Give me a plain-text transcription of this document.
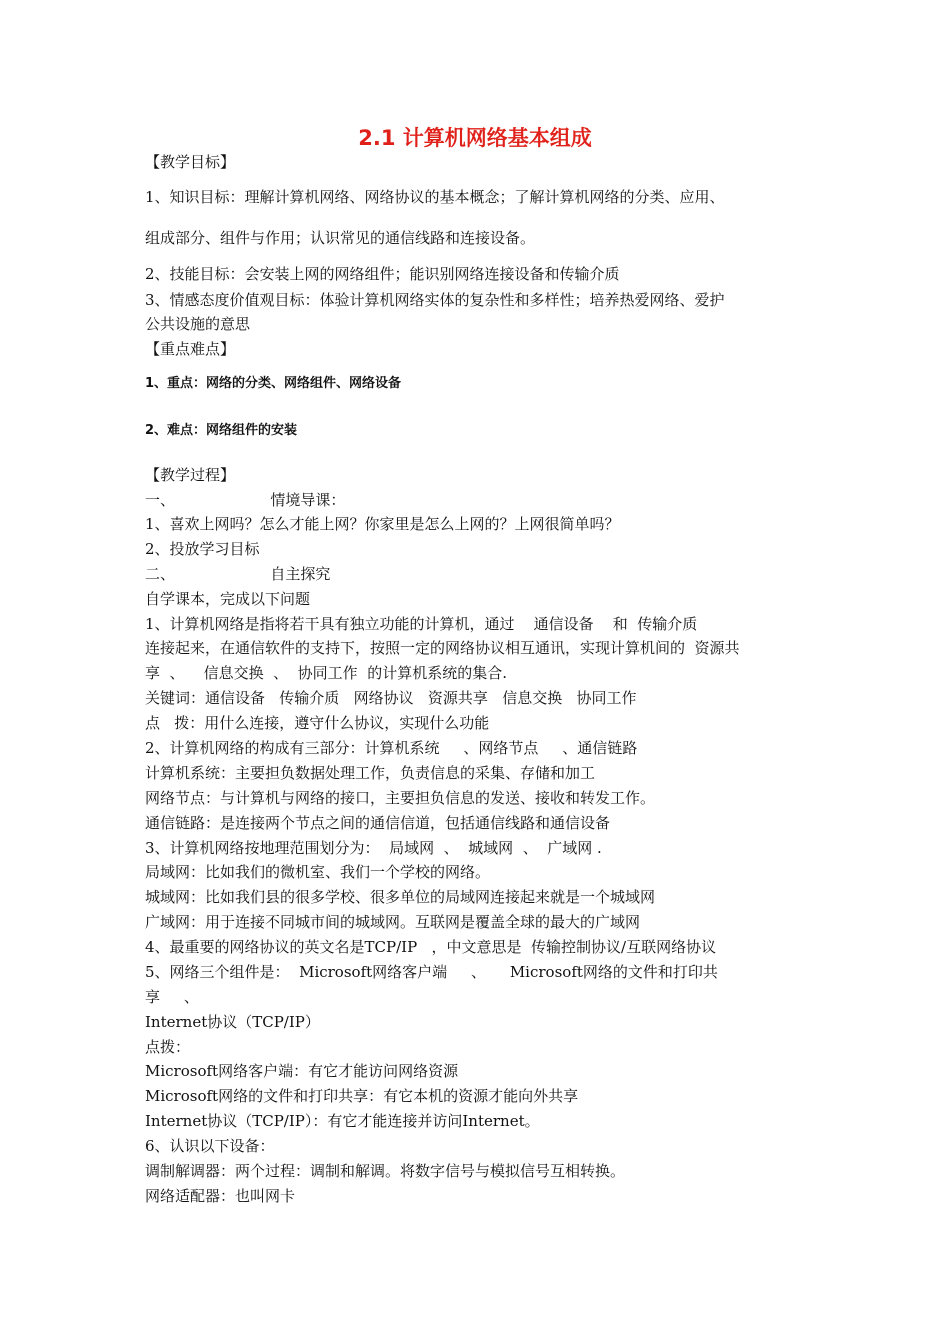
2.1 计算机网络基本组成
【教学目标】
1、知识目标：理解计算机网络、网络协议的基本概念；了解计算机网络的分类、应用、
组成部分、组件与作用；认识常见的通信线路和连接设备。
2、技能目标：会安装上网的网络组件；能识别网络连接设备和传输介质
3、情感态度价值观目标：体验计算机网络实体的复杂性和多样性；培养热爱网络、爱护
公共设施的意思
【重点难点】
1、重点：网络的分类、网络组件、网络设备
2、难点：网络组件的安装
【教学过程】
一、                    情境导课：
1、喜欢上网吗？怎么才能上网？你家里是怎么上网的？上网很简单吗？
2、投放学习目标
二、                    自主探究
自学课本，完成以下问题
1、计算机网络是指将若干具有独立功能的计算机，通过    通信设备    和  传输介质
连接起来，在通信软件的支持下，按照一定的网络协议相互通讯，实现计算机间的  资源共
享  、    信息交换  、  协同工作  的计算机系统的集合.
关键词：通信设备   传输介质   网络协议   资源共享   信息交换   协同工作
点   拨：用什么连接，遵守什么协议，实现什么功能
2、计算机网络的构成有三部分：计算机系统     、网络节点     、通信链路
计算机系统：主要担负数据处理工作，负责信息的采集、存储和加工
网络节点：与计算机与网络的接口，主要担负信息的发送、接收和转发工作。
通信链路：是连接两个节点之间的通信信道，包括通信线路和通信设备
3、计算机网络按地理范围划分为：  局域网  、  城域网  、  广域网 .
局域网：比如我们的微机室、我们一个学校的网络。
城域网：比如我们县的很多学校、很多单位的局域网连接起来就是一个城域网
广域网：用于连接不同城市间的城域网。互联网是覆盖全球的最大的广域网
4、最重要的网络协议的英文名是TCP/IP   ，中文意思是  传输控制协议/互联网络协议
5、网络三个组件是：  Microsoft网络客户端     、     Microsoft网络的文件和打印共
享     、
Internet协议（TCP/IP）
点拨：
Microsoft网络客户端：有它才能访问网络资源
Microsoft网络的文件和打印共享：有它本机的资源才能向外共享
Internet协议（TCP/IP）：有它才能连接并访问Internet。
6、认识以下设备：
调制解调器：两个过程：调制和解调。将数字信号与模拟信号互相转换。
网络适配器：也叫网卡
